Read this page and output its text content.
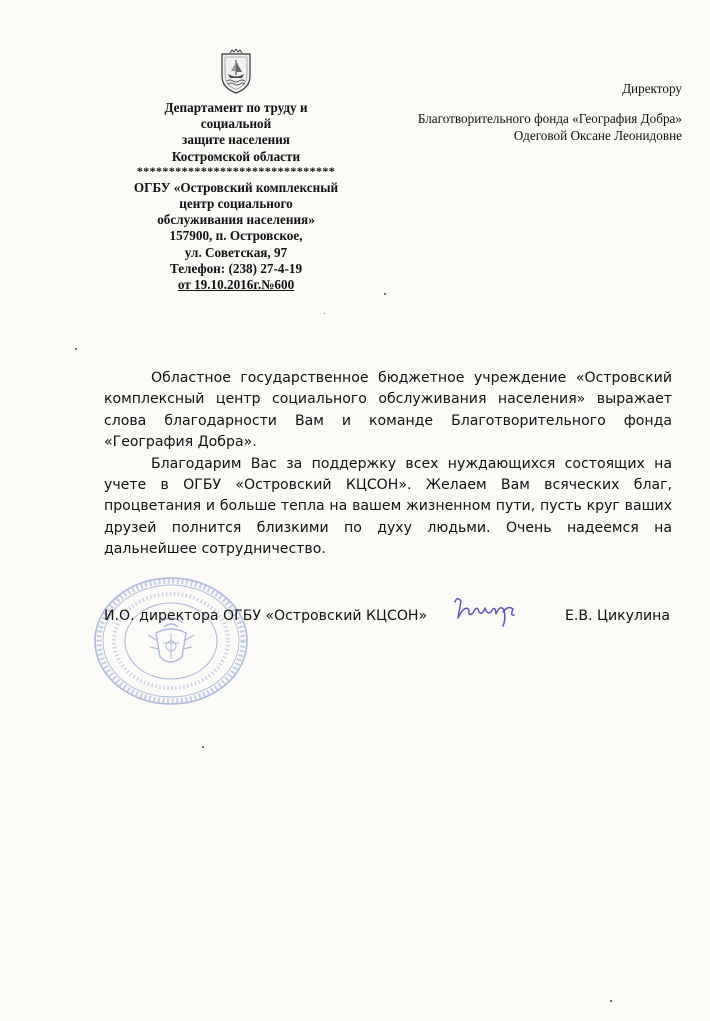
Департамент по труду и
социальной
защите населения
Костромской области
*******************************
ОГБУ «Островский комплексный
центр социального
обслуживания населения»
157900, п. Островское,
ул. Советская, 97
Телефон: (238) 27-4-19
от 19.10.2016г.№600
Директору
Благотворительного фонда «География Добра»
Одеговой Оксане Леонидовне

Областное государственное бюджетное учреждение «Островский комплексный центр социального обслуживания населения» выражает слова благодарности Вам и команде Благотворительного фонда «География Добра».

Благодарим Вас за поддержку всех нуждающихся состоящих на учете в ОГБУ «Островский КЦСОН». Желаем Вам всяческих благ, процветания и больше тепла на вашем жизненном пути, пусть круг ваших друзей полнится близкими по духу людьми. Очень надеемся на дальнейшее сотрудничество.

И.О. директора ОГБУ «Островский КЦСОН»	Е.В. Цикулина
